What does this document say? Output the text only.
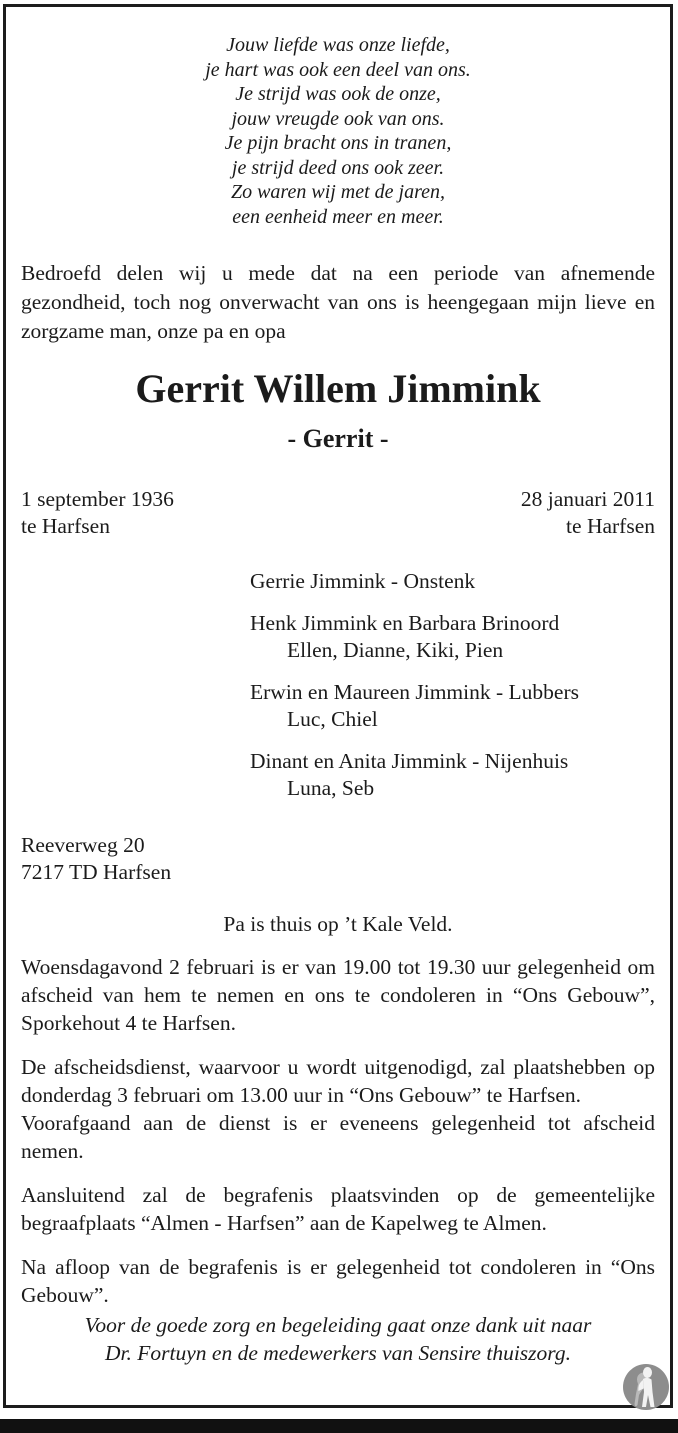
Jouw liefde was onze liefde,
je hart was ook een deel van ons.
Je strijd was ook de onze,
jouw vreugde ook van ons.
Je pijn bracht ons in tranen,
je strijd deed ons ook zeer.
Zo waren wij met de jaren,
een eenheid meer en meer.

Bedroefd delen wij u mede dat na een periode van afnemende gezondheid, toch nog onverwacht van ons is heengegaan mijn lieve en zorgzame man, onze pa en opa

Gerrit Willem Jimmink
- Gerrit -
1 september 1936
te Harfsen
28 januari 2011
te Harfsen
Gerrie Jimmink - Onstenk
Henk Jimmink en Barbara Brinoord
Ellen, Dianne, Kiki, Pien
Erwin en Maureen Jimmink - Lubbers
Luc, Chiel
Dinant en Anita Jimmink - Nijenhuis
Luna, Seb
Reeverweg 20
7217 TD Harfsen
Pa is thuis op ’t Kale Veld.
Woensdagavond 2 februari is er van 19.00 tot 19.30 uur gelegenheid om afscheid van hem te nemen en ons te condoleren in “Ons Gebouw”, Sporkehout 4 te Harfsen.
De afscheidsdienst, waarvoor u wordt uitgenodigd, zal plaatshebben op donderdag 3 februari om 13.00 uur in “Ons Gebouw” te Harfsen.
Voorafgaand aan de dienst is er eveneens gelegenheid tot afscheid nemen.
Aansluitend zal de begrafenis plaatsvinden op de gemeentelijke begraafplaats “Almen - Harfsen” aan de Kapelweg te Almen.
Na afloop van de begrafenis is er gelegenheid tot condoleren in “Ons Gebouw”.
Voor de goede zorg en begeleiding gaat onze dank uit naar
Dr. Fortuyn en de medewerkers van Sensire thuiszorg.
